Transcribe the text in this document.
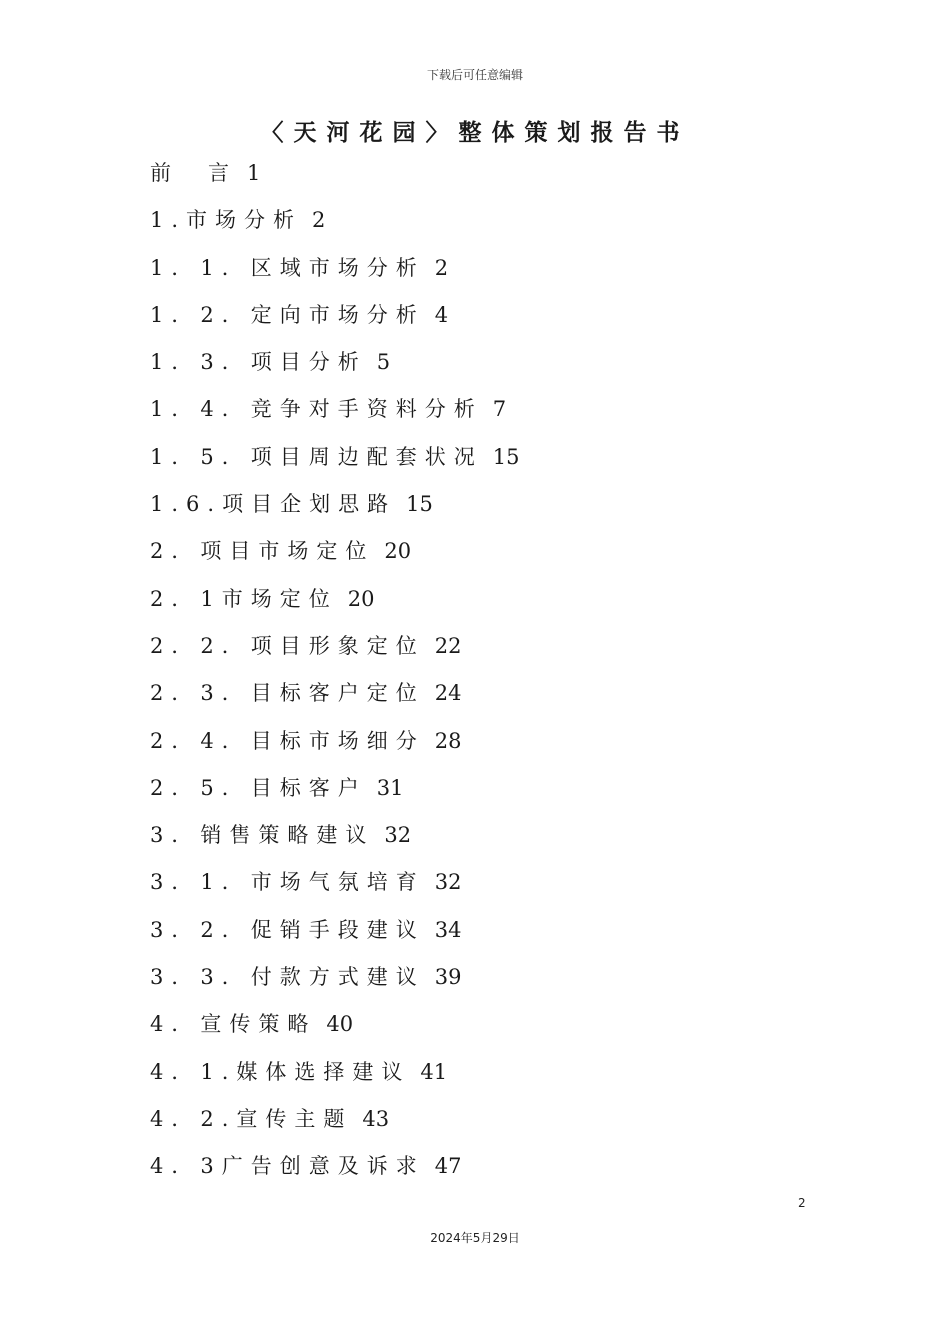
下载后可任意编辑
〈天河花园〉整体策划报告书
前　言 1
1.市场分析 2
1．1．区域市场分析 2
1．2．定向市场分析 4
1．3．项目分析 5
1．4．竞争对手资料分析 7
1．5．项目周边配套状况 15
1.6.项目企划思路 15
2．项目市场定位 20
2．1市场定位 20
2．2．项目形象定位 22
2．3．目标客户定位 24
2．4．目标市场细分 28
2．5．目标客户 31
3．销售策略建议 32
3．1．市场气氛培育 32
3．2．促销手段建议 34
3．3．付款方式建议 39
4．宣传策略 40
4．1.媒体选择建议 41
4．2.宣传主题 43
4．3广告创意及诉求 47
2
2024年5月29日
